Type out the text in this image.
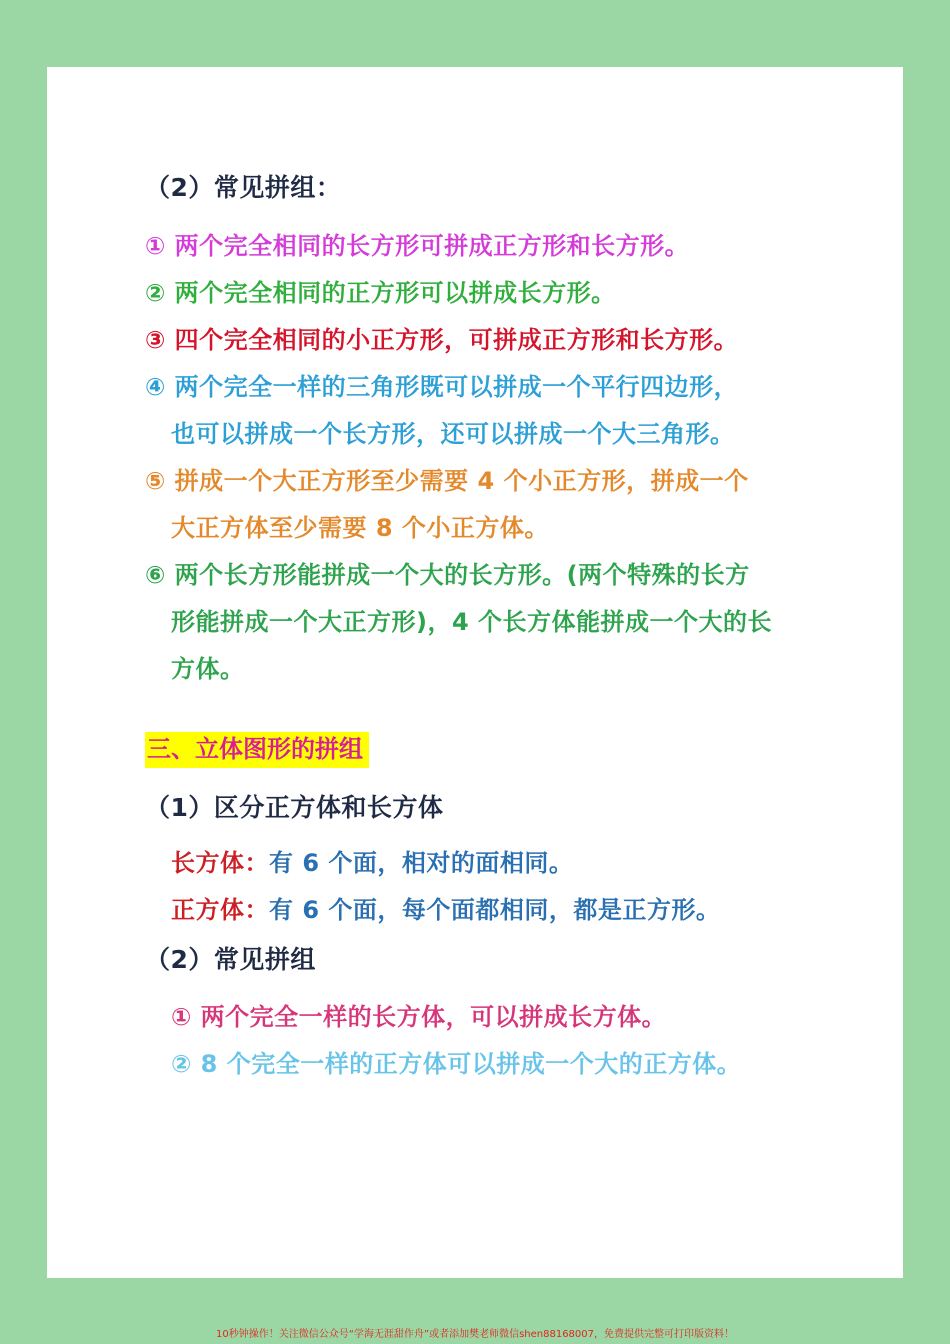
（2）常见拼组：
① 两个完全相同的长方形可拼成正方形和长方形。
② 两个完全相同的正方形可以拼成长方形。
③ 四个完全相同的小正方形，可拼成正方形和长方形。
④ 两个完全一样的三角形既可以拼成一个平行四边形，
也可以拼成一个长方形，还可以拼成一个大三角形。
⑤ 拼成一个大正方形至少需要 4 个小正方形，拼成一个
大正方体至少需要 8 个小正方体。
⑥ 两个长方形能拼成一个大的长方形。(两个特殊的长方
形能拼成一个大正方形)，4 个长方体能拼成一个大的长
方体。
三、立体图形的拼组
（1）区分正方体和长方体
长方体：有 6 个面，相对的面相同。
正方体：有 6 个面，每个面都相同，都是正方形。
（2）常见拼组
① 两个完全一样的长方体，可以拼成长方体。
② 8 个完全一样的正方体可以拼成一个大的正方体。
10秒钟操作！关注微信公众号“学海无涯甜作舟”或者添加樊老师微信shen88168007，免费提供完整可打印版资料！
